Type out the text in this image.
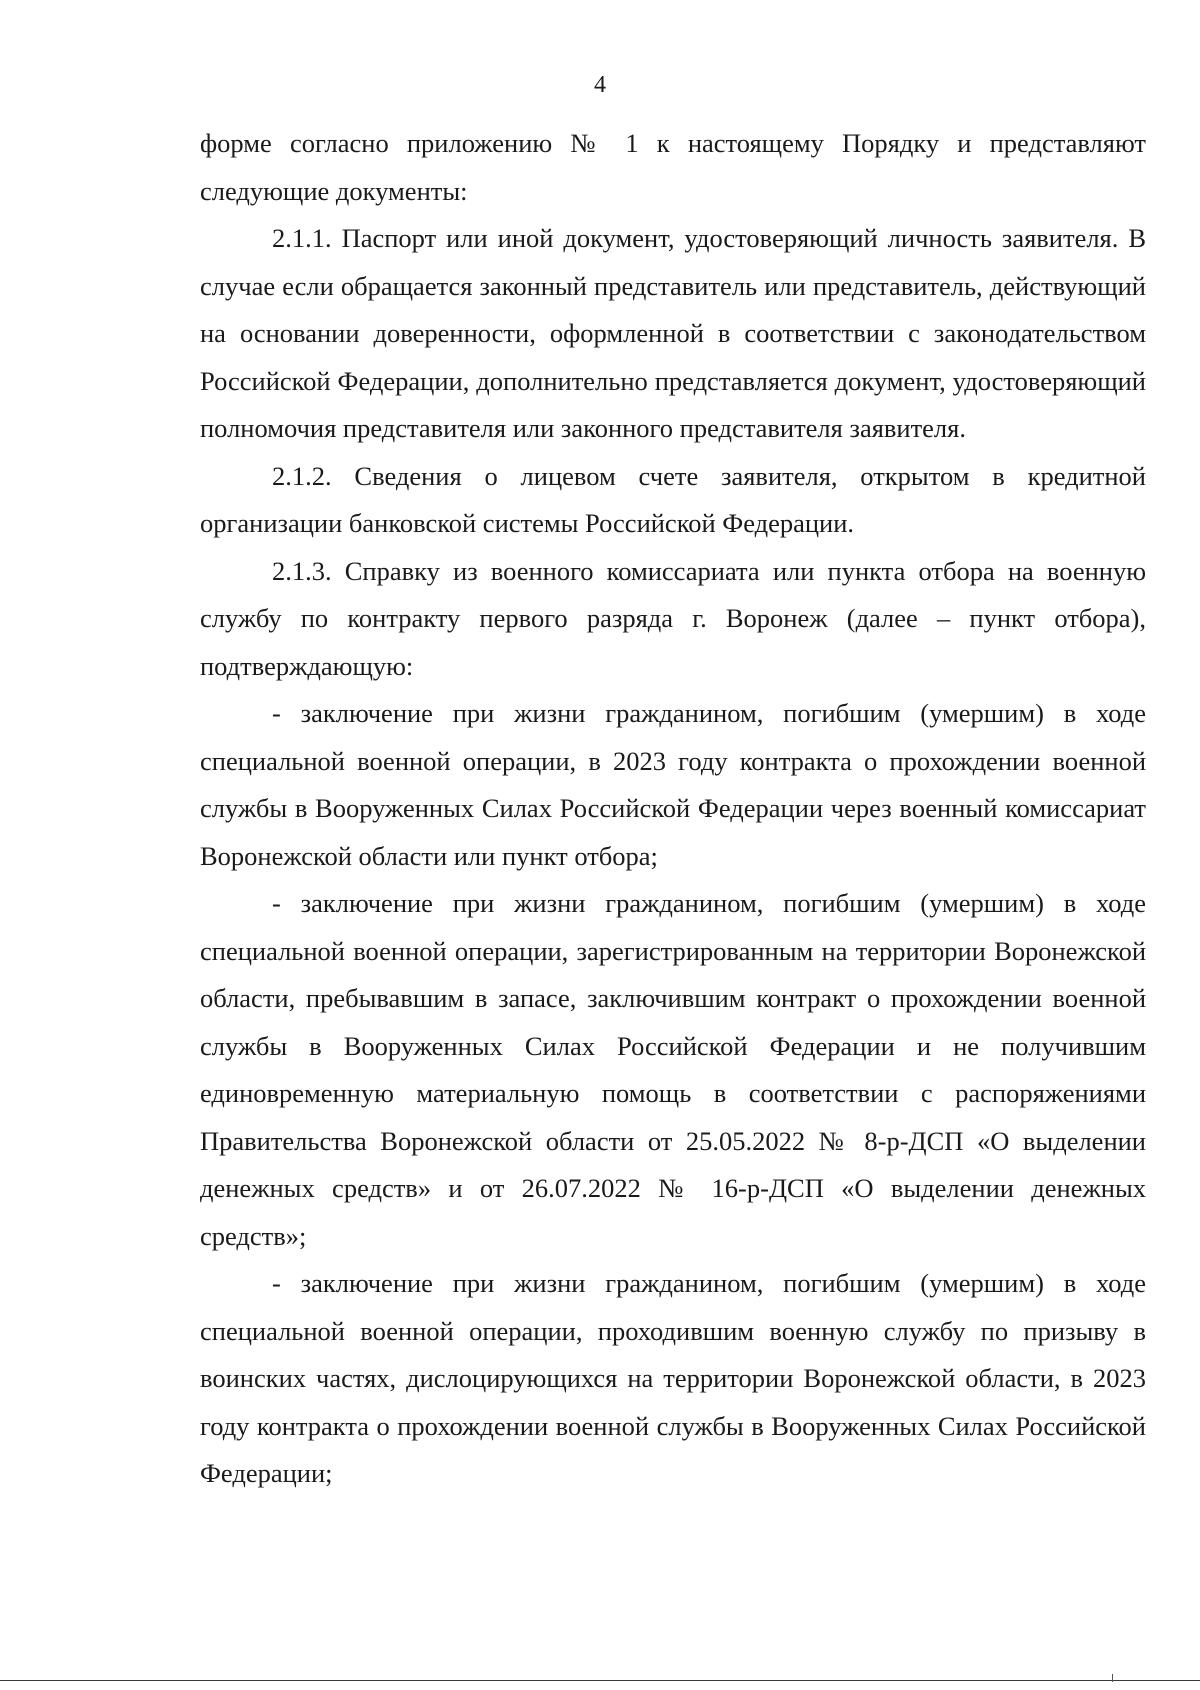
4

форме согласно приложению № 1 к настоящему Порядку и представляют следующие документы:

2.1.1. Паспорт или иной документ, удостоверяющий личность заявителя. В случае если обращается законный представитель или представитель, действующий на основании доверенности, оформленной в соответствии с законодательством Российской Федерации, дополнительно представляется документ, удостоверяющий полномочия представителя или законного представителя заявителя.

2.1.2. Сведения о лицевом счете заявителя, открытом в кредитной организации банковской системы Российской Федерации.

2.1.3. Справку из военного комиссариата или пункта отбора на военную службу по контракту первого разряда г. Воронеж (далее – пункт отбора), подтверждающую:

- заключение при жизни гражданином, погибшим (умершим) в ходе специальной военной операции, в 2023 году контракта о прохождении военной службы в Вооруженных Силах Российской Федерации через военный комиссариат Воронежской области или пункт отбора;

- заключение при жизни гражданином, погибшим (умершим) в ходе специальной военной операции, зарегистрированным на территории Воронежской области, пребывавшим в запасе, заключившим контракт о прохождении военной службы в Вооруженных Силах Российской Федерации и не получившим единовременную материальную помощь в соответствии с распоряжениями Правительства Воронежской области от 25.05.2022 № 8-р-ДСП «О выделении денежных средств» и от 26.07.2022 № 16-р-ДСП «О выделении денежных средств»;

- заключение при жизни гражданином, погибшим (умершим) в ходе специальной военной операции, проходившим военную службу по призыву в воинских частях, дислоцирующихся на территории Воронежской области, в 2023 году контракта о прохождении военной службы в Вооруженных Силах Российской Федерации;
